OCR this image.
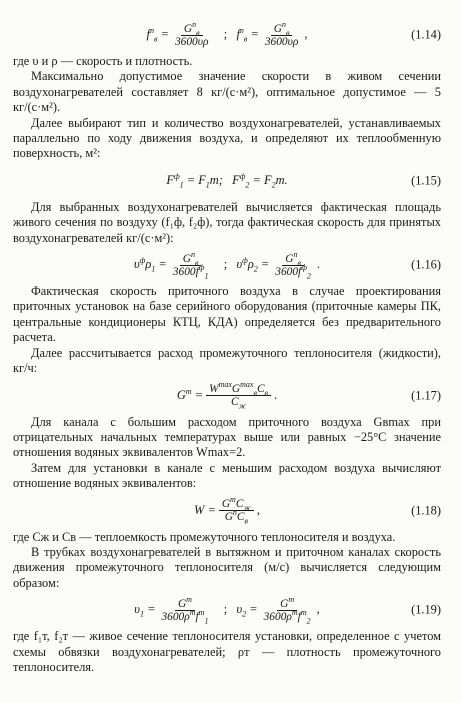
$f^п_в = \frac{G^п_в}{3600\upsilon\rho}$ ; $f^п_в = \frac{G^п_в}{3600\upsilon\rho}$ ,	(1.14)

где υ и ρ — скорость и плотность.

Максимально допустимое значение скорости в живом сечении воздухонагревателей составляет 8 кг/(с·м²), оптимальное допустимое — 5 кг/(с·м²).

Далее выбирают тип и количество воздухонагревателей, устанавливаемых параллельно по ходу движения воздуха, и определяют их теплообменную поверхность, м²:

$F^ф_1 = F_1m$; $F^ф_2 = F_2m$.	(1.15)

Для выбранных воздухонагревателей вычисляется фактическая площадь живого сечения по воздуху (f₁ф, f₂ф), тогда фактическая скорость для принятых воздухонагревателей кг/(с·м²):

$\upsilon^ф\rho_1 = \frac{G^п_в}{3600f^ф_1}$ ; $\upsilon^ф\rho_2 = \frac{G^п_в}{3600f^ф_2}$ .	(1.16)

Фактическая скорость приточного воздуха в случае проектирования приточных установок на базе серийного оборудования (приточные камеры ПК, центральные кондиционеры КТЦ, КДА) определяется без предварительного расчета.

Далее рассчитывается расход промежуточного теплоносителя (жидкости), кг/ч:

$G^т = \frac{W^{max}G^{max}_вC_в}{C_ж}$ .	(1.17)

Для канала с большим расходом приточного воздуха Gвmax при отрицательных начальных температурах выше или равных −25°С значение отношения водяных эквивалентов Wmax=2.

Затем для установки в канале с меньшим расходом воздуха вычисляют отношение водяных эквивалентов:

$W = \frac{G^тC_ж}{G^пC_в}$ ,	(1.18)

где Cж и Cв — теплоемкость промежуточного теплоносителя и воздуха.

В трубках воздухонагревателей в вытяжном и приточном каналах скорость движения промежуточного теплоносителя (м/с) вычисляется следующим образом:

$\upsilon_1 = \frac{G^т}{3600\rho^тf^т_1}$ ; $\upsilon_2 = \frac{G^т}{3600\rho^тf^т_2}$ ,	(1.19)

где f₁т, f₂т — живое сечение теплоносителя установки, определенное с учетом схемы обвязки воздухонагревателей; ρт — плотность промежуточного теплоносителя.
